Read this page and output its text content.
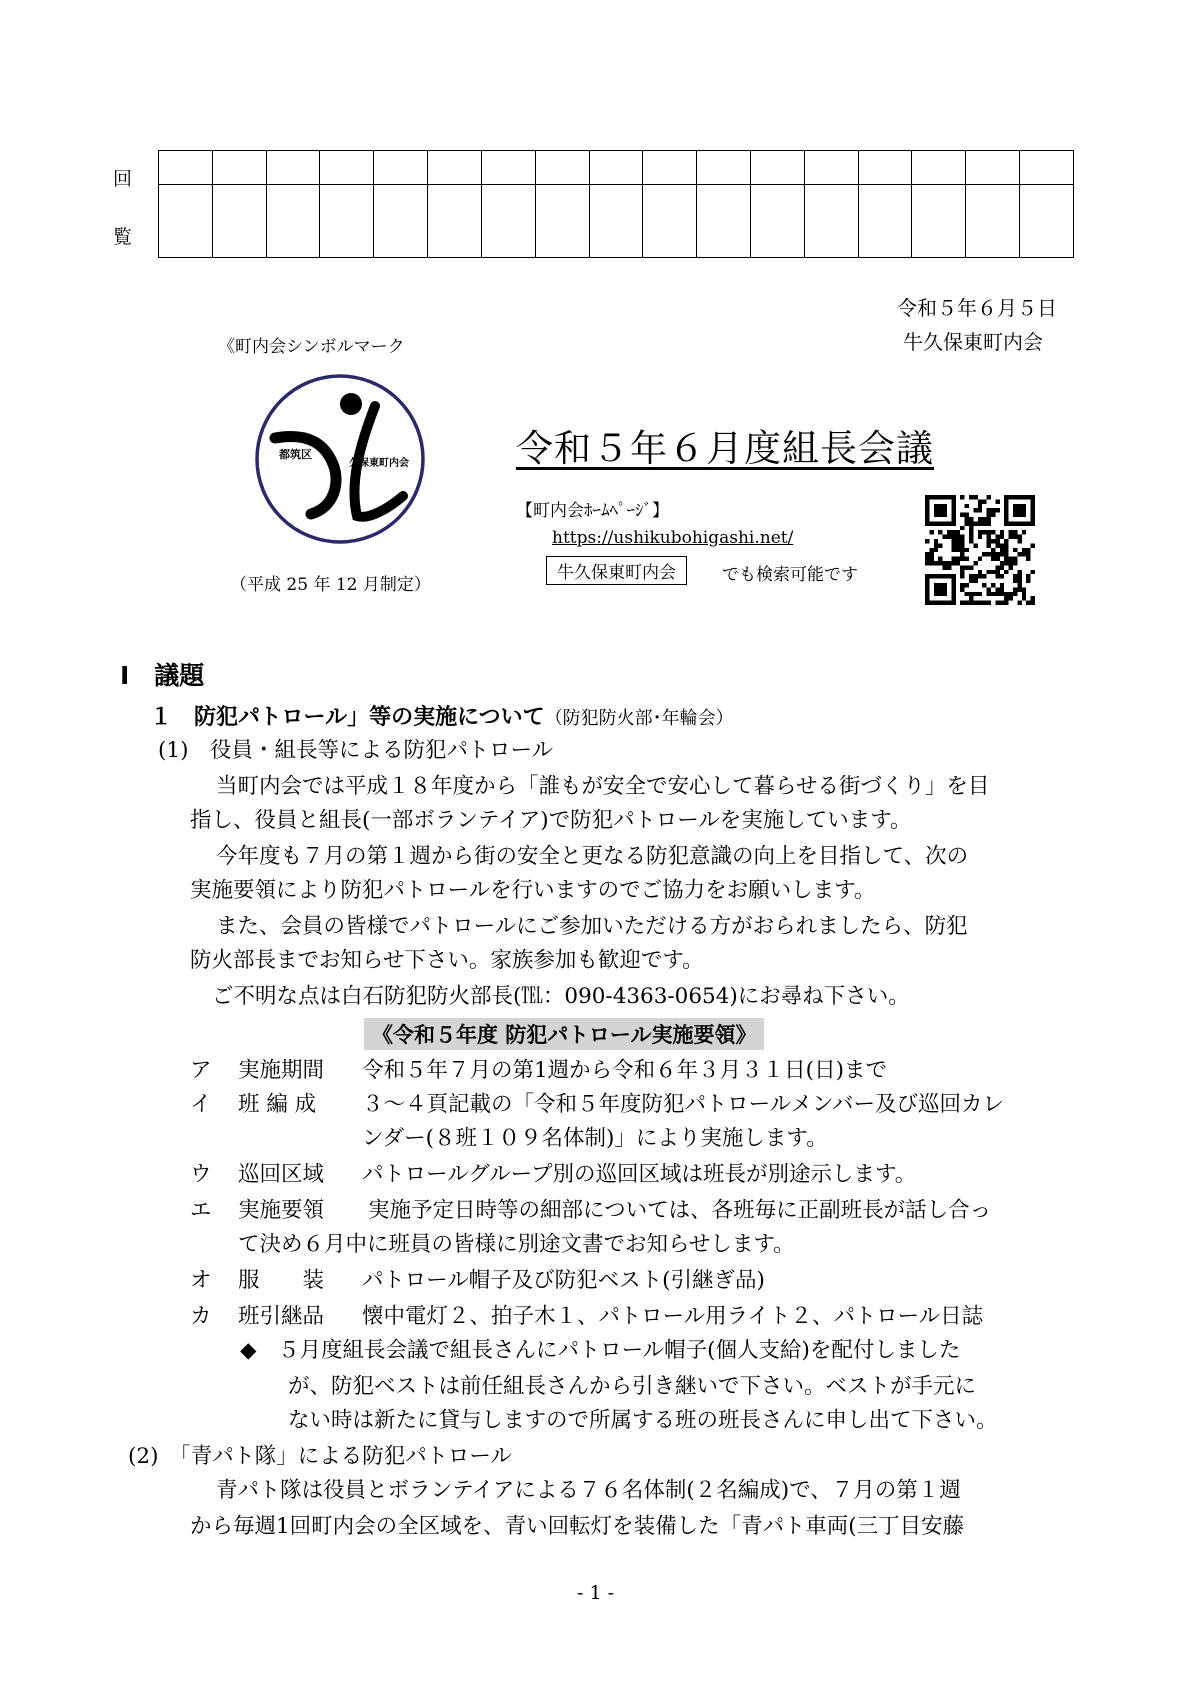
回
覧

令和５年６月５日
牛久保東町内会
《町内会シンボルマーク
都筑区
久保東町内会
（平成 25 年 12 月制定）
令和５年６月度組長会議
【町内会ﾎｰﾑﾍﾟｰｼﾞ】
https://ushikubohigashi.net/
牛久保東町内会	でも検索可能です
Ⅰ　議題
１　防犯パトロール」等の実施について（防犯防火部･年輪会）
(1)　役員・組長等による防犯パトロール
当町内会では平成１８年度から「誰もが安全で安心して暮らせる街づくり」を目
指し、役員と組長(一部ボランテイア)で防犯パトロールを実施しています。
今年度も７月の第１週から街の安全と更なる防犯意識の向上を目指して、次の
実施要領により防犯パトロールを行いますのでご協力をお願いします。
また、会員の皆様でパトロールにご参加いただける方がおられましたら、防犯
防火部長までお知らせ下さい。家族参加も歓迎です。
ご不明な点は白石防犯防火部長(℡：090-4363-0654)にお尋ね下さい。
《令和５年度 防犯パトロール実施要領》
ア 実施期間 令和５年７月の第1週から令和６年３月３１日(日)まで
イ 班 編 成 ３～４頁記載の「令和５年度防犯パトロールメンバー及び巡回カレ
ンダー(８班１０９名体制)」により実施します。
ウ 巡回区域 パトロールグループ別の巡回区域は班長が別途示します。
エ 実施要領 実施予定日時等の細部については、各班毎に正副班長が話し合っ
て決め６月中に班員の皆様に別途文書でお知らせします。
オ 服　　装 パトロール帽子及び防犯ベスト(引継ぎ品)
カ 班引継品 懐中電灯２、拍子木１、パトロール用ライト２、パトロール日誌
◆ ５月度組長会議で組長さんにパトロール帽子(個人支給)を配付しました
が、防犯ベストは前任組長さんから引き継いで下さい。ベストが手元に
ない時は新たに貸与しますので所属する班の班長さんに申し出て下さい。
(2)　「青パト隊」による防犯パトロール
青パト隊は役員とボランテイアによる７６名体制(２名編成)で、７月の第１週
から毎週1回町内会の全区域を、青い回転灯を装備した「青パト車両(三丁目安藤
- 1 -
